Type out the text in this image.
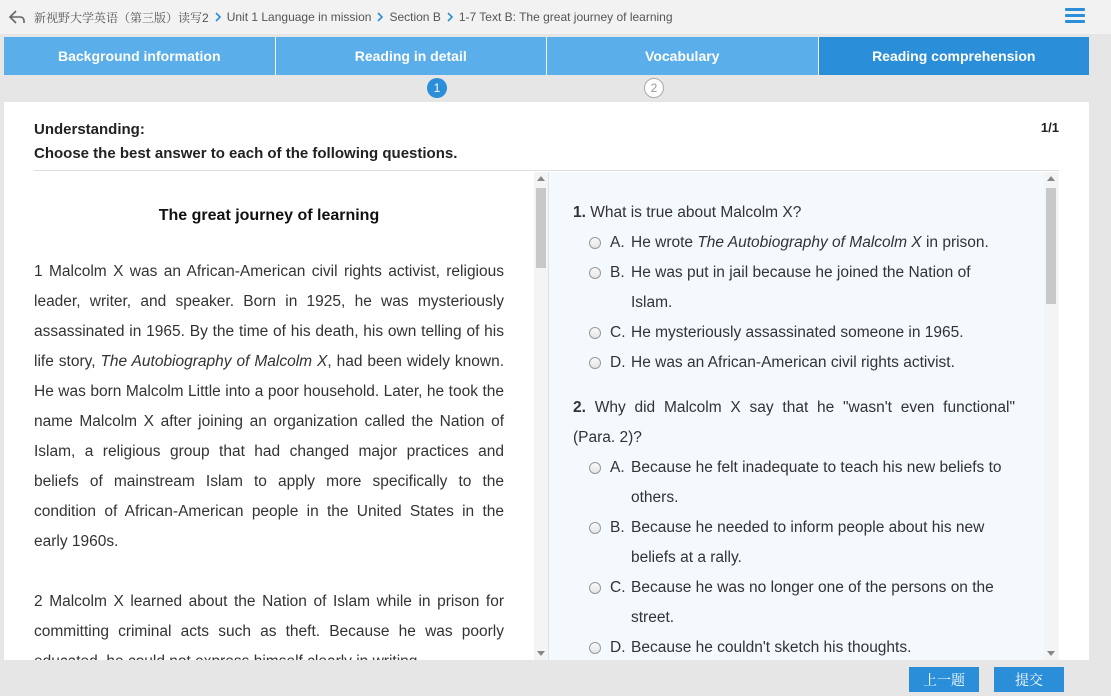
新视野大学英语（第三版）读写2 Unit 1 Language in mission Section B 1-7 Text B: The great journey of learning
Background information	Reading in detail	Vocabulary	Reading comprehension
1	2
Understanding:
Choose the best answer to each of the following questions.
1/1
The great journey of learning

1 Malcolm X was an African-American civil rights activist, religious leader, writer, and speaker. Born in 1925, he was mysteriously assassinated in 1965. By the time of his death, his own telling of his life story, The Autobiography of Malcolm X, had been widely known. He was born Malcolm Little into a poor household. Later, he took the name Malcolm X after joining an organization called the Nation of Islam, a religious group that had changed major practices and beliefs of mainstream Islam to apply more specifically to the condition of African-American people in the United States in the early 1960s.

2 Malcolm X learned about the Nation of Islam while in prison for committing criminal acts such as theft. Because he was poorly

1. What is true about Malcolm X?
A. He wrote The Autobiography of Malcolm X in prison.
B. He was put in jail because he joined the Nation of Islam.
C. He mysteriously assassinated someone in 1965.
D. He was an African-American civil rights activist.
2. Why did Malcolm X say that he "wasn't even functional" (Para. 2)?
A. Because he felt inadequate to teach his new beliefs to others.
B. Because he needed to inform people about his new beliefs at a rally.
C. Because he was no longer one of the persons on the street.
D. Because he couldn't sketch his thoughts.
上一题	提交
